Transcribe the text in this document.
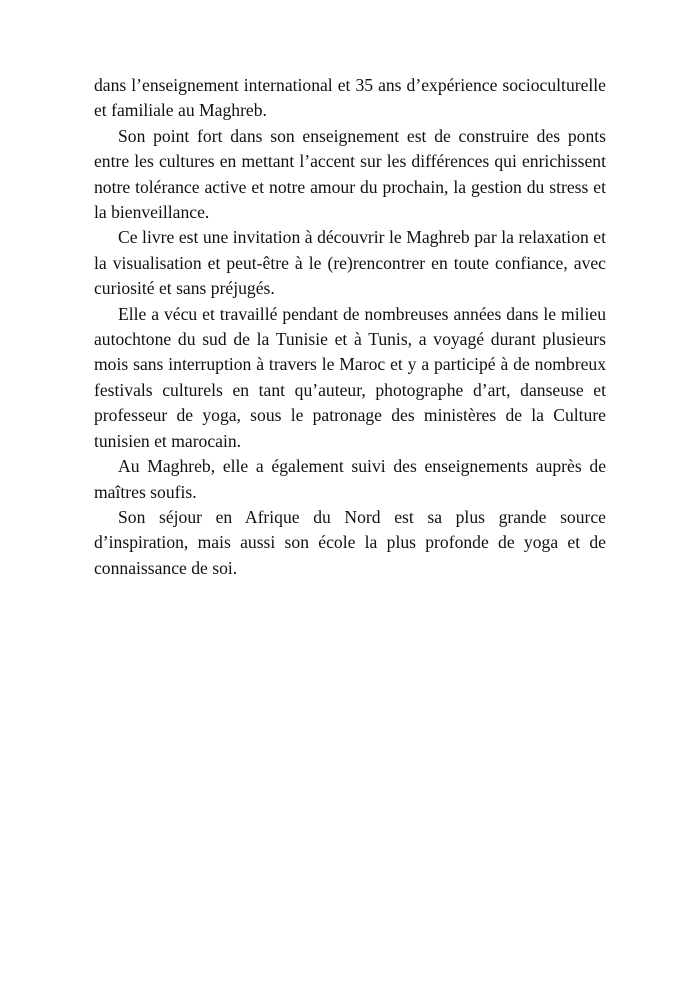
dans l’enseignement international et 35 ans d’expérience socioculturelle et familiale au Maghreb.

Son point fort dans son enseignement est de construire des ponts entre les cultures en mettant l’accent sur les différences qui enrichissent notre tolérance active et notre amour du prochain, la gestion du stress et la bienveillance.

Ce livre est une invitation à découvrir le Maghreb par la relaxation et la visualisation et peut-être à le (re)rencontrer en toute confiance, avec curiosité et sans préjugés.

Elle a vécu et travaillé pendant de nombreuses années dans le milieu autochtone du sud de la Tunisie et à Tunis, a voyagé durant plusieurs mois sans interruption à travers le Maroc et y a participé à de nombreux festivals culturels en tant qu’auteur, photographe d’art, danseuse et professeur de yoga, sous le patronage des ministères de la Culture tunisien et marocain.

Au Maghreb, elle a également suivi des enseignements auprès de maîtres soufis.

Son séjour en Afrique du Nord est sa plus grande source d’inspiration, mais aussi son école la plus profonde de yoga et de connaissance de soi.
